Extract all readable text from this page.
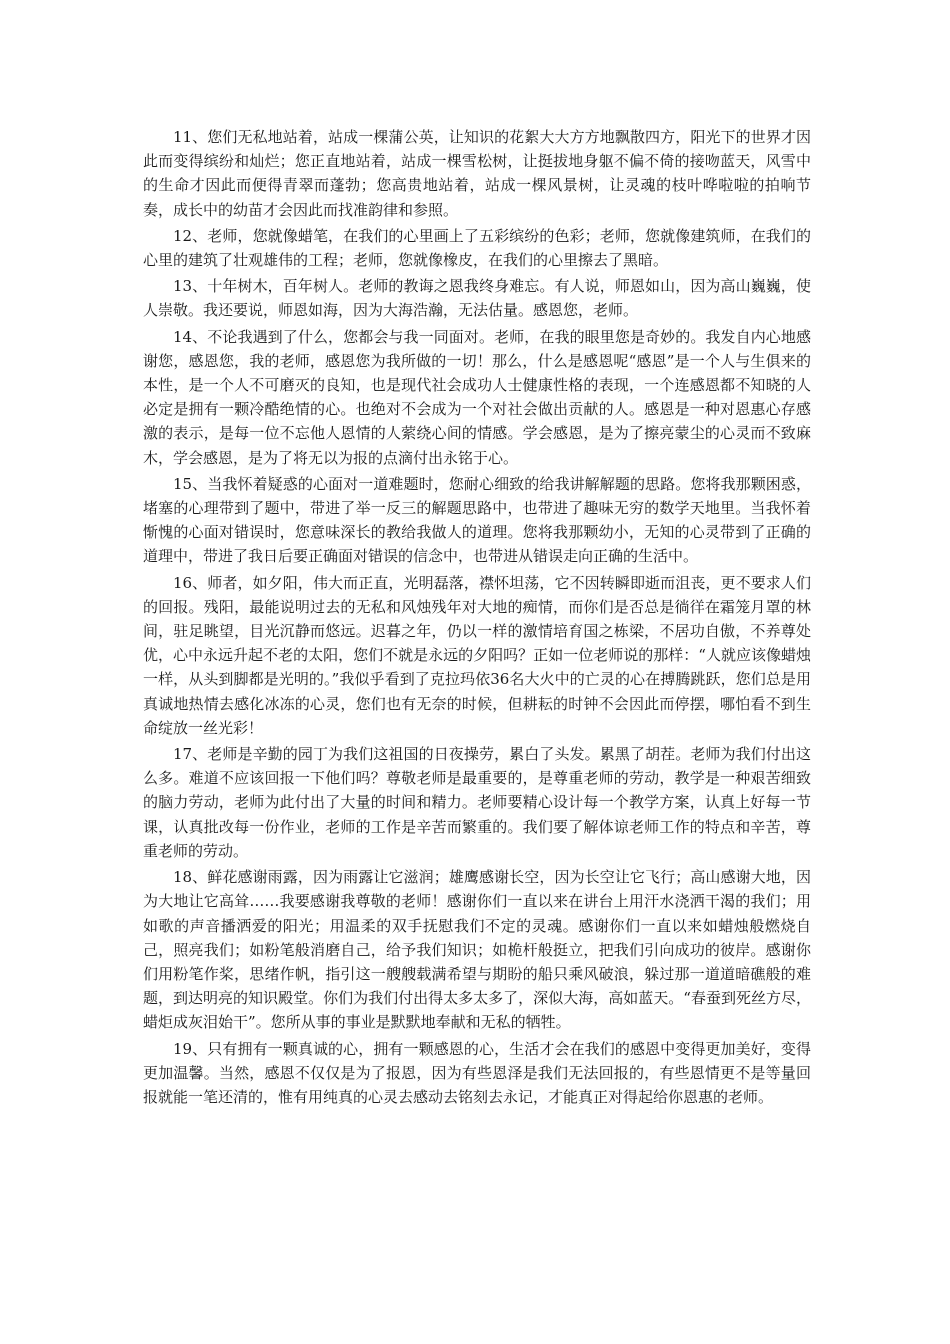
11、您们无私地站着，站成一棵蒲公英，让知识的花絮大大方方地飘散四方，阳光下的世界才因此而变得缤纷和灿烂；您正直地站着，站成一棵雪松树，让挺拔地身躯不偏不倚的接吻蓝天，风雪中的生命才因此而便得青翠而蓬勃；您高贵地站着，站成一棵风景树，让灵魂的枝叶哗啦啦的拍响节奏，成长中的幼苗才会因此而找准韵律和参照。

12、老师，您就像蜡笔，在我们的心里画上了五彩缤纷的色彩；老师，您就像建筑师，在我们的心里的建筑了壮观雄伟的工程；老师，您就像橡皮，在我们的心里擦去了黑暗。

13、十年树木，百年树人。老师的教诲之恩我终身难忘。有人说，师恩如山，因为高山巍巍，使人崇敬。我还要说，师恩如海，因为大海浩瀚，无法估量。感恩您，老师。

14、不论我遇到了什么，您都会与我一同面对。老师，在我的眼里您是奇妙的。我发自内心地感谢您，感恩您，我的老师，感恩您为我所做的一切！那么，什么是感恩呢“感恩”是一个人与生俱来的本性，是一个人不可磨灭的良知，也是现代社会成功人士健康性格的表现，一个连感恩都不知晓的人必定是拥有一颗冷酷绝情的心。也绝对不会成为一个对社会做出贡献的人。感恩是一种对恩惠心存感激的表示，是每一位不忘他人恩情的人萦绕心间的情感。学会感恩，是为了擦亮蒙尘的心灵而不致麻木，学会感恩，是为了将无以为报的点滴付出永铭于心。

15、当我怀着疑惑的心面对一道难题时，您耐心细致的给我讲解解题的思路。您将我那颗困惑，堵塞的心理带到了题中，带进了举一反三的解题思路中，也带进了趣味无穷的数学天地里。当我怀着惭愧的心面对错误时，您意味深长的教给我做人的道理。您将我那颗幼小，无知的心灵带到了正确的道理中，带进了我日后要正确面对错误的信念中，也带进从错误走向正确的生活中。

16、师者，如夕阳，伟大而正直，光明磊落，襟怀坦荡，它不因转瞬即逝而沮丧，更不要求人们的回报。残阳，最能说明过去的无私和风烛残年对大地的痴情，而你们是否总是徜徉在霜笼月罩的林间，驻足眺望，目光沉静而悠远。迟暮之年，仍以一样的激情培育国之栋梁，不居功自傲，不养尊处优，心中永远升起不老的太阳，您们不就是永远的夕阳吗？正如一位老师说的那样：“人就应该像蜡烛一样，从头到脚都是光明的。”我似乎看到了克拉玛依36名大火中的亡灵的心在搏腾跳跃，您们总是用真诚地热情去感化冰冻的心灵，您们也有无奈的时候，但耕耘的时钟不会因此而停摆，哪怕看不到生命绽放一丝光彩！

17、老师是辛勤的园丁为我们这祖国的日夜操劳，累白了头发。累黑了胡茬。老师为我们付出这么多。难道不应该回报一下他们吗？尊敬老师是最重要的，是尊重老师的劳动，教学是一种艰苦细致的脑力劳动，老师为此付出了大量的时间和精力。老师要精心设计每一个教学方案，认真上好每一节课，认真批改每一份作业，老师的工作是辛苦而繁重的。我们要了解体谅老师工作的特点和辛苦，尊重老师的劳动。

18、鲜花感谢雨露，因为雨露让它滋润；雄鹰感谢长空，因为长空让它飞行；高山感谢大地，因为大地让它高耸……我要感谢我尊敬的老师！感谢你们一直以来在讲台上用汗水浇洒干渴的我们；用如歌的声音播洒爱的阳光；用温柔的双手抚慰我们不定的灵魂。感谢你们一直以来如蜡烛般燃烧自己，照亮我们；如粉笔般消磨自己，给予我们知识；如桅杆般挺立，把我们引向成功的彼岸。感谢你们用粉笔作桨，思绪作帆，指引这一艘艘载满希望与期盼的船只乘风破浪，躲过那一道道暗礁般的难题，到达明亮的知识殿堂。你们为我们付出得太多太多了，深似大海，高如蓝天。“春蚕到死丝方尽，蜡炬成灰泪始干”。您所从事的事业是默默地奉献和无私的牺牲。

19、只有拥有一颗真诚的心，拥有一颗感恩的心，生活才会在我们的感恩中变得更加美好，变得更加温馨。当然，感恩不仅仅是为了报恩，因为有些恩泽是我们无法回报的，有些恩情更不是等量回报就能一笔还清的，惟有用纯真的心灵去感动去铭刻去永记，才能真正对得起给你恩惠的老师。
